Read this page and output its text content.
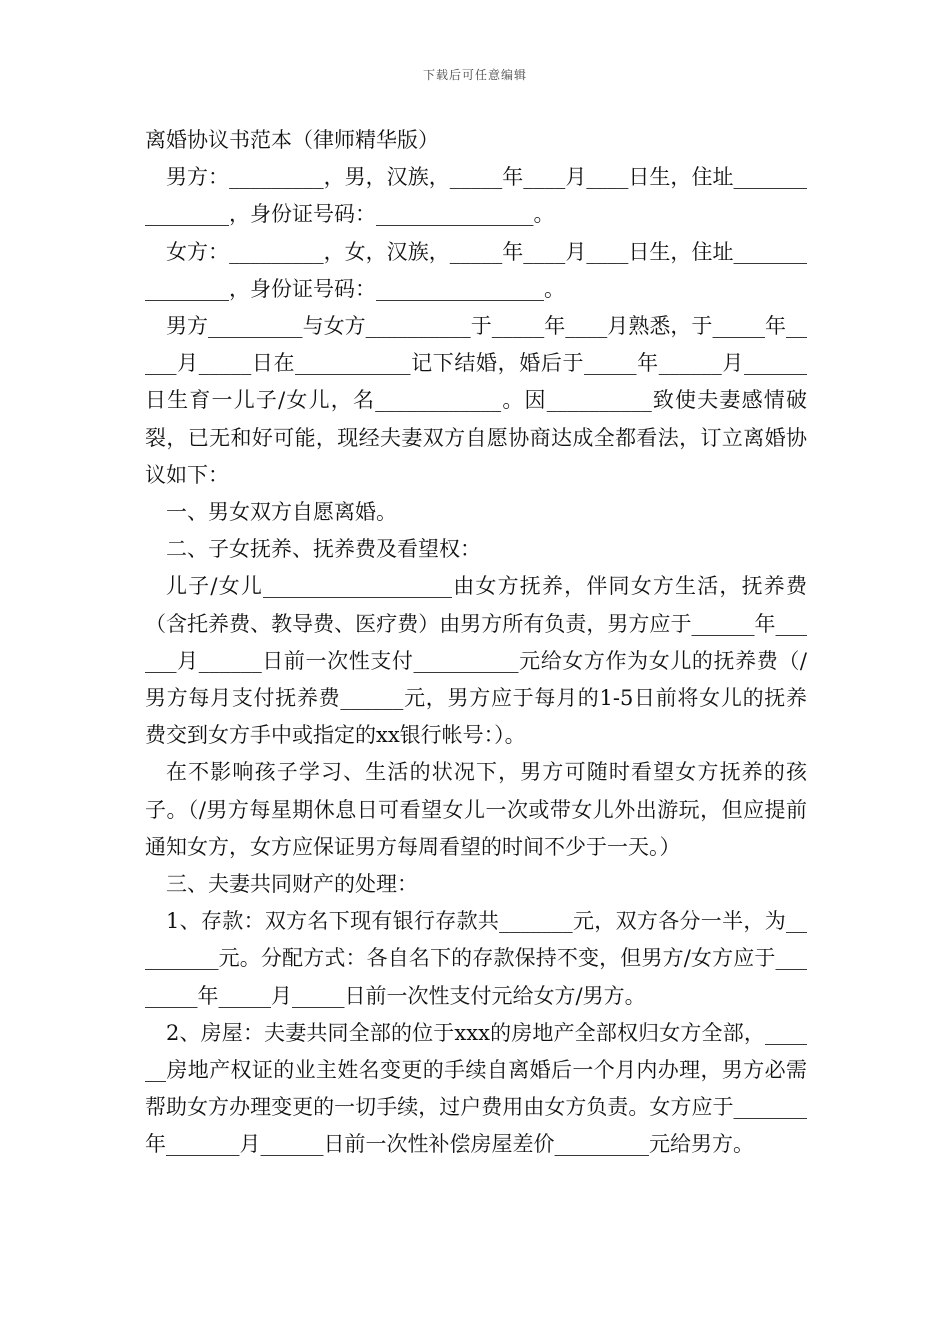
下载后可任意编辑
离婚协议书范本（律师精华版）

男方：_________，男，汉族，_____年____月____日生，住址_______________，身份证号码：_______________。

女方：_________，女，汉族，_____年____月____日生，住址_______________，身份证号码：________________。

男方_________与女方__________于_____年____月熟悉，于_____年_____月_____日在___________记下结婚，婚后于_____年______月______日生育一儿子/女儿，名____________。因__________致使夫妻感情破裂，已无和好可能，现经夫妻双方自愿协商达成全都看法，订立离婚协议如下：

一、男女双方自愿离婚。

二、子女抚养、抚养费及看望权：

儿子/女儿__________________由女方抚养，伴同女方生活，抚养费（含托养费、教导费、医疗费）由男方所有负责，男方应于______年______月______日前一次性支付__________元给女方作为女儿的抚养费（/男方每月支付抚养费______元，男方应于每月的1-5日前将女儿的抚养费交到女方手中或指定的xx银行帐号：）。

在不影响孩子学习、生活的状况下，男方可随时看望女方抚养的孩子。（/男方每星期休息日可看望女儿一次或带女儿外出游玩，但应提前通知女方，女方应保证男方每周看望的时间不少于一天。）

三、夫妻共同财产的处理：

1、存款：双方名下现有银行存款共_______元，双方各分一半，为_________元。分配方式：各自名下的存款保持不变，但男方/女方应于________年_____月_____日前一次性支付元给女方/男方。

2、房屋：夫妻共同全部的位于xxx的房地产全部权归女方全部，______房地产权证的业主姓名变更的手续自离婚后一个月内办理，男方必需帮助女方办理变更的一切手续，过户费用由女方负责。女方应于_______年_______月______日前一次性补偿房屋差价_________元给男方。
